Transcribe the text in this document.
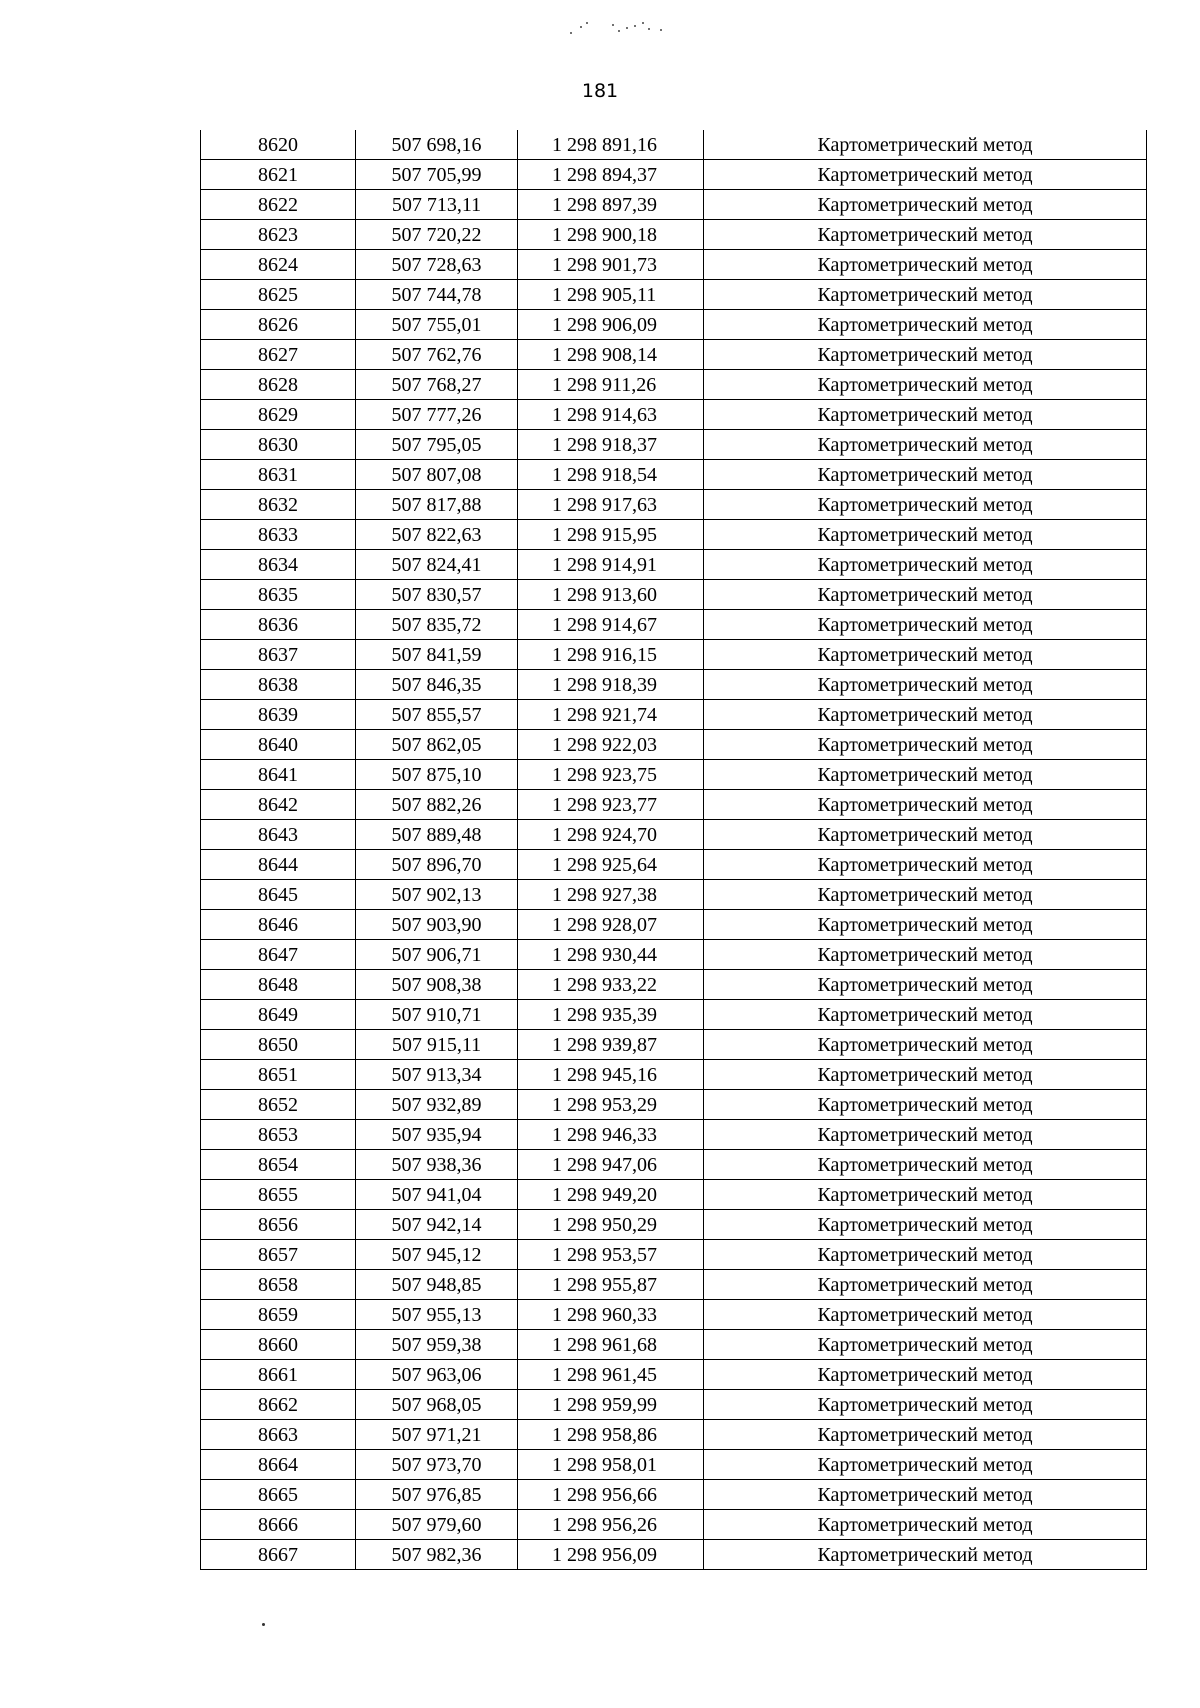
181
8620	507 698,16	1 298 891,16	Картометрический метод
8621	507 705,99	1 298 894,37	Картометрический метод
8622	507 713,11	1 298 897,39	Картометрический метод
8623	507 720,22	1 298 900,18	Картометрический метод
8624	507 728,63	1 298 901,73	Картометрический метод
8625	507 744,78	1 298 905,11	Картометрический метод
8626	507 755,01	1 298 906,09	Картометрический метод
8627	507 762,76	1 298 908,14	Картометрический метод
8628	507 768,27	1 298 911,26	Картометрический метод
8629	507 777,26	1 298 914,63	Картометрический метод
8630	507 795,05	1 298 918,37	Картометрический метод
8631	507 807,08	1 298 918,54	Картометрический метод
8632	507 817,88	1 298 917,63	Картометрический метод
8633	507 822,63	1 298 915,95	Картометрический метод
8634	507 824,41	1 298 914,91	Картометрический метод
8635	507 830,57	1 298 913,60	Картометрический метод
8636	507 835,72	1 298 914,67	Картометрический метод
8637	507 841,59	1 298 916,15	Картометрический метод
8638	507 846,35	1 298 918,39	Картометрический метод
8639	507 855,57	1 298 921,74	Картометрический метод
8640	507 862,05	1 298 922,03	Картометрический метод
8641	507 875,10	1 298 923,75	Картометрический метод
8642	507 882,26	1 298 923,77	Картометрический метод
8643	507 889,48	1 298 924,70	Картометрический метод
8644	507 896,70	1 298 925,64	Картометрический метод
8645	507 902,13	1 298 927,38	Картометрический метод
8646	507 903,90	1 298 928,07	Картометрический метод
8647	507 906,71	1 298 930,44	Картометрический метод
8648	507 908,38	1 298 933,22	Картометрический метод
8649	507 910,71	1 298 935,39	Картометрический метод
8650	507 915,11	1 298 939,87	Картометрический метод
8651	507 913,34	1 298 945,16	Картометрический метод
8652	507 932,89	1 298 953,29	Картометрический метод
8653	507 935,94	1 298 946,33	Картометрический метод
8654	507 938,36	1 298 947,06	Картометрический метод
8655	507 941,04	1 298 949,20	Картометрический метод
8656	507 942,14	1 298 950,29	Картометрический метод
8657	507 945,12	1 298 953,57	Картометрический метод
8658	507 948,85	1 298 955,87	Картометрический метод
8659	507 955,13	1 298 960,33	Картометрический метод
8660	507 959,38	1 298 961,68	Картометрический метод
8661	507 963,06	1 298 961,45	Картометрический метод
8662	507 968,05	1 298 959,99	Картометрический метод
8663	507 971,21	1 298 958,86	Картометрический метод
8664	507 973,70	1 298 958,01	Картометрический метод
8665	507 976,85	1 298 956,66	Картометрический метод
8666	507 979,60	1 298 956,26	Картометрический метод
8667	507 982,36	1 298 956,09	Картометрический метод
